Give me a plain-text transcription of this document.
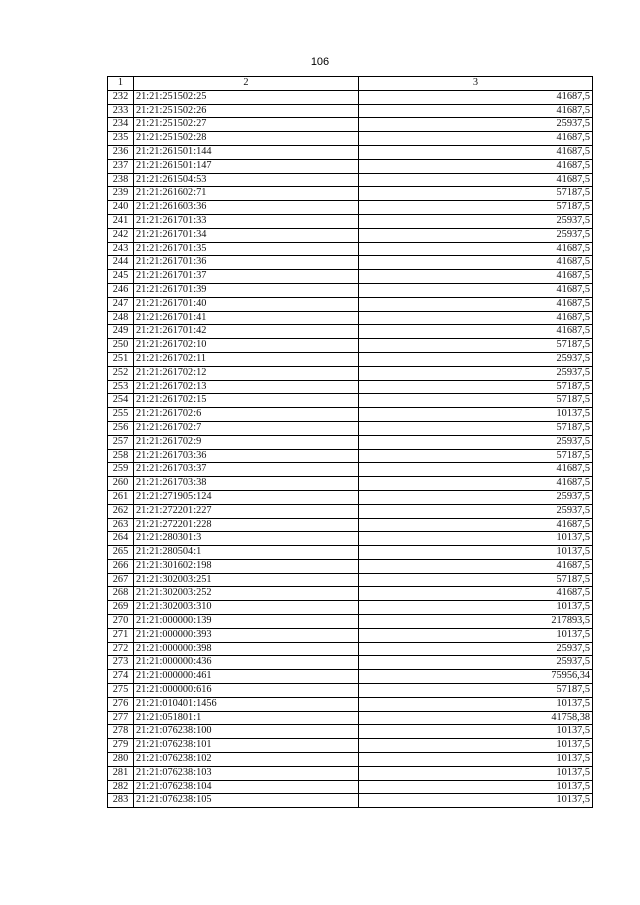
106
1	2	3
232	21:21:251502:25	41687,5
233	21:21:251502:26	41687,5
234	21:21:251502:27	25937,5
235	21:21:251502:28	41687,5
236	21:21:261501:144	41687,5
237	21:21:261501:147	41687,5
238	21:21:261504:53	41687,5
239	21:21:261602:71	57187,5
240	21:21:261603:36	57187,5
241	21:21:261701:33	25937,5
242	21:21:261701:34	25937,5
243	21:21:261701:35	41687,5
244	21:21:261701:36	41687,5
245	21:21:261701:37	41687,5
246	21:21:261701:39	41687,5
247	21:21:261701:40	41687,5
248	21:21:261701:41	41687,5
249	21:21:261701:42	41687,5
250	21:21:261702:10	57187,5
251	21:21:261702:11	25937,5
252	21:21:261702:12	25937,5
253	21:21:261702:13	57187,5
254	21:21:261702:15	57187,5
255	21:21:261702:6	10137,5
256	21:21:261702:7	57187,5
257	21:21:261702:9	25937,5
258	21:21:261703:36	57187,5
259	21:21:261703:37	41687,5
260	21:21:261703:38	41687,5
261	21:21:271905:124	25937,5
262	21:21:272201:227	25937,5
263	21:21:272201:228	41687,5
264	21:21:280301:3	10137,5
265	21:21:280504:1	10137,5
266	21:21:301602:198	41687,5
267	21:21:302003:251	57187,5
268	21:21:302003:252	41687,5
269	21:21:302003:310	10137,5
270	21:21:000000:139	217893,5
271	21:21:000000:393	10137,5
272	21:21:000000:398	25937,5
273	21:21:000000:436	25937,5
274	21:21:000000:461	75956,34
275	21:21:000000:616	57187,5
276	21:21:010401:1456	10137,5
277	21:21:051801:1	41758,38
278	21:21:076238:100	10137,5
279	21:21:076238:101	10137,5
280	21:21:076238:102	10137,5
281	21:21:076238:103	10137,5
282	21:21:076238:104	10137,5
283	21:21:076238:105	10137,5
